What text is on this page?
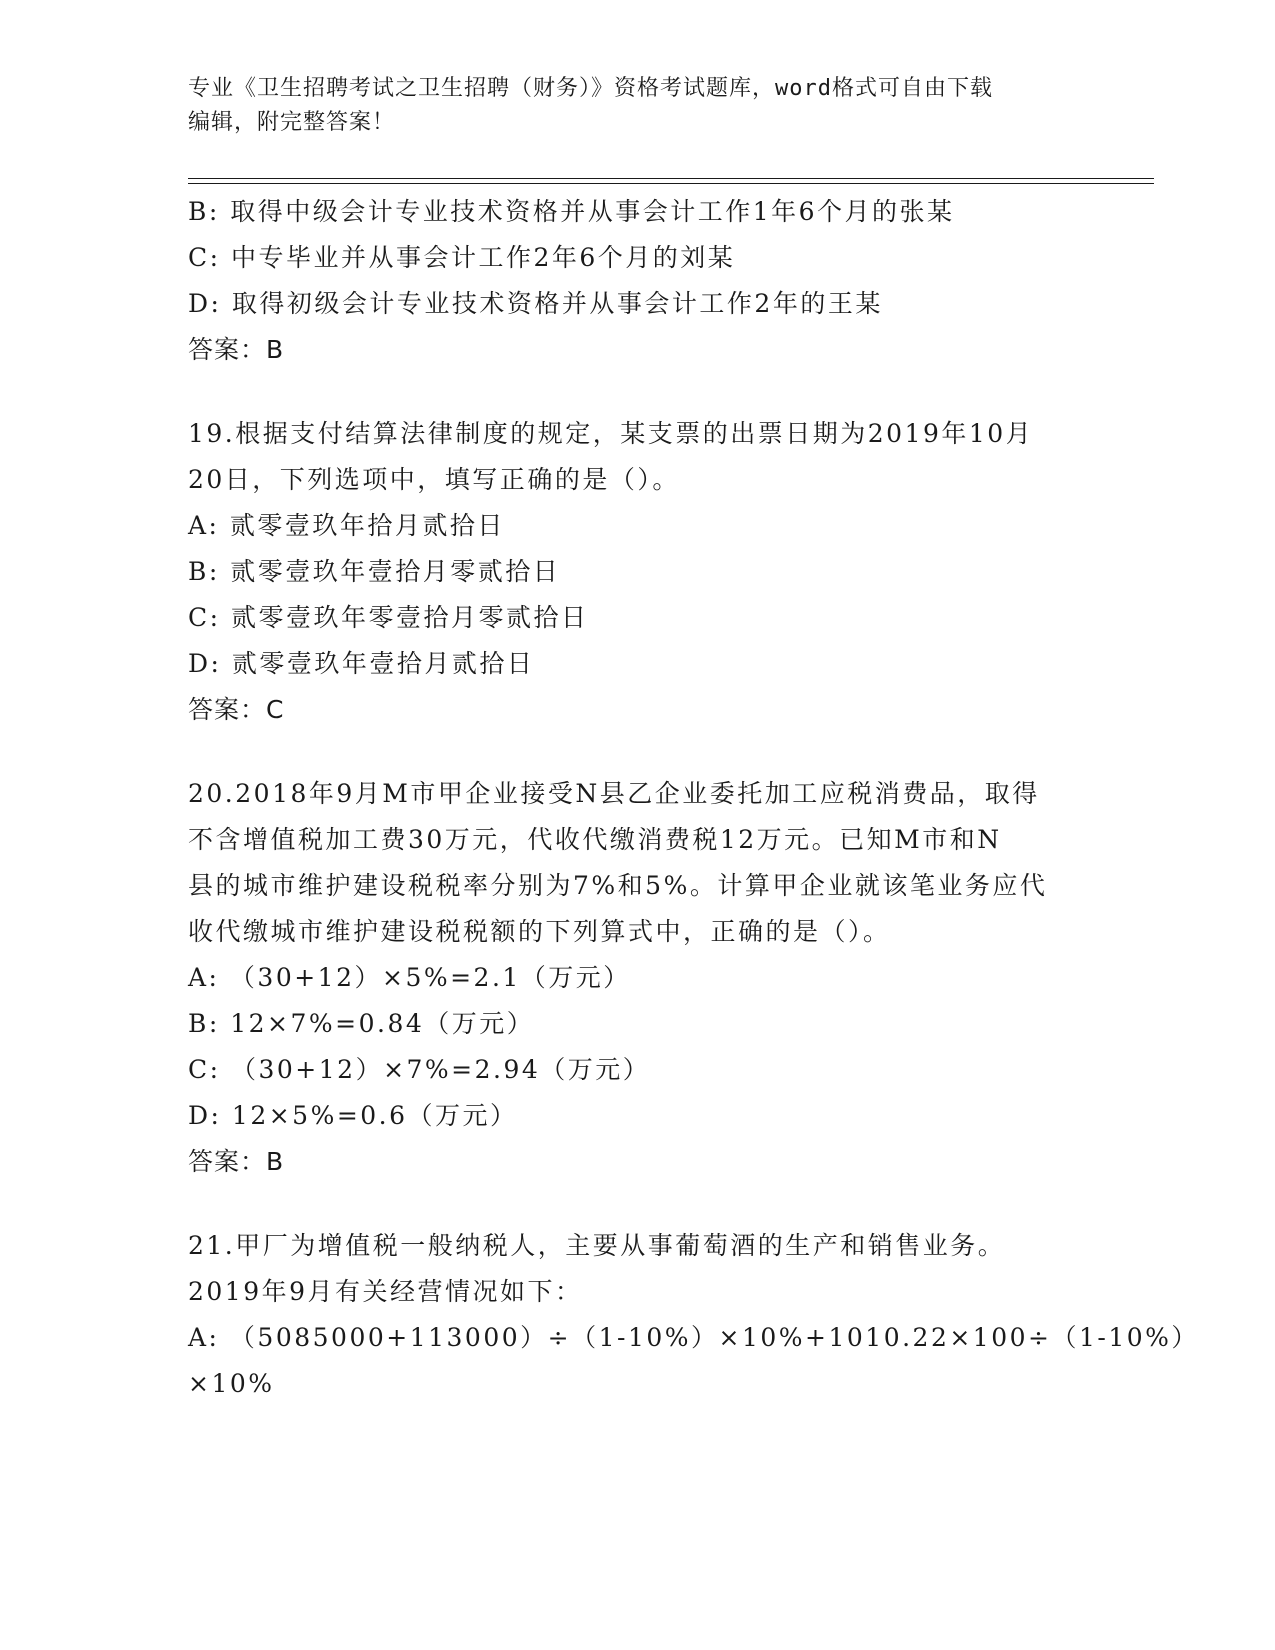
专业《卫生招聘考试之卫生招聘（财务）》资格考试题库，word格式可自由下载
编辑，附完整答案！
B: 取得中级会计专业技术资格并从事会计工作1年6个月的张某
C: 中专毕业并从事会计工作2年6个月的刘某
D: 取得初级会计专业技术资格并从事会计工作2年的王某
答案：B
19.根据支付结算法律制度的规定，某支票的出票日期为2019年10月
20日，下列选项中，填写正确的是（）。
A: 贰零壹玖年拾月贰拾日
B: 贰零壹玖年壹拾月零贰拾日
C: 贰零壹玖年零壹拾月零贰拾日
D: 贰零壹玖年壹拾月贰拾日
答案：C
20.2018年9月M市甲企业接受N县乙企业委托加工应税消费品，取得
不含增值税加工费30万元，代收代缴消费税12万元。已知M市和N
县的城市维护建设税税率分别为7%和5%。计算甲企业就该笔业务应代
收代缴城市维护建设税税额的下列算式中，正确的是（）。
A: （30+12）×5%=2.1（万元）
B: 12×7%=0.84（万元）
C: （30+12）×7%=2.94（万元）
D: 12×5%=0.6（万元）
答案：B
21.甲厂为增值税一般纳税人，主要从事葡萄酒的生产和销售业务。
2019年9月有关经营情况如下：
A: （5085000+113000）÷（1-10%）×10%+1010.22×100÷（1-10%）
×10%
